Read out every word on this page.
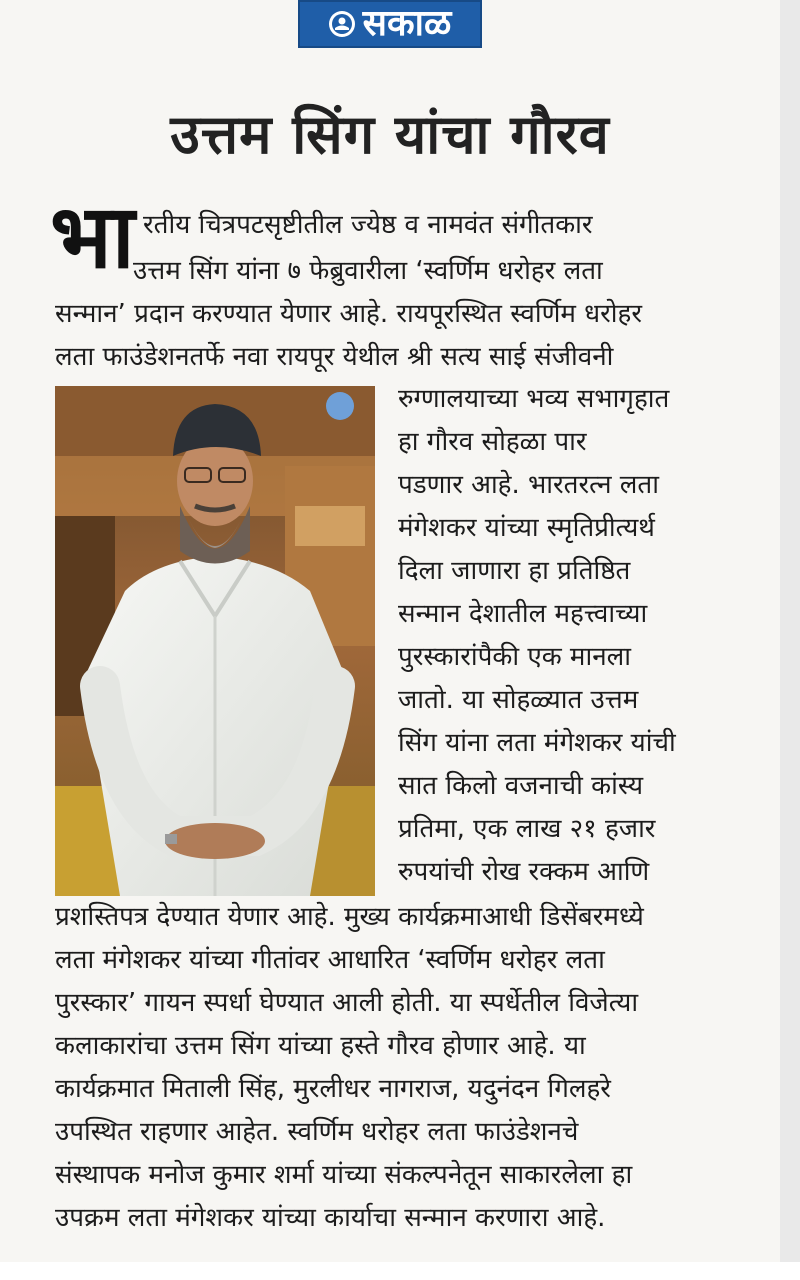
सकाळ
उत्तम सिंग यांचा गौरव
भा रतीय चित्रपटसृष्टीतील ज्येष्ठ व नामवंत संगीतकार
उत्तम सिंग यांना ७ फेब्रुवारीला ‘स्वर्णिम धरोहर लता
सन्मान’ प्रदान करण्यात येणार आहे. रायपूरस्थित स्वर्णिम धरोहर
लता फाउंडेशनतर्फे नवा रायपूर येथील श्री सत्य साई संजीवनी
रुग्णालयाच्या भव्य सभागृहात
हा गौरव सोहळा पार
पडणार आहे. भारतरत्न लता
मंगेशकर यांच्या स्मृतिप्रीत्यर्थ
दिला जाणारा हा प्रतिष्ठित
सन्मान देशातील महत्त्वाच्या
पुरस्कारांपैकी एक मानला
जातो. या सोहळ्यात उत्तम
सिंग यांना लता मंगेशकर यांची
सात किलो वजनाची कांस्य
प्रतिमा, एक लाख २१ हजार
रुपयांची रोख रक्कम आणि
प्रशस्तिपत्र देण्यात येणार आहे. मुख्य कार्यक्रमाआधी डिसेंबरमध्ये
लता मंगेशकर यांच्या गीतांवर आधारित ‘स्वर्णिम धरोहर लता
पुरस्कार’ गायन स्पर्धा घेण्यात आली होती. या स्पर्धेतील विजेत्या
कलाकारांचा उत्तम सिंग यांच्या हस्ते गौरव होणार आहे. या
कार्यक्रमात मिताली सिंह, मुरलीधर नागराज, यदुनंदन गिलहरे
उपस्थित राहणार आहेत. स्वर्णिम धरोहर लता फाउंडेशनचे
संस्थापक मनोज कुमार शर्मा यांच्या संकल्पनेतून साकारलेला हा
उपक्रम लता मंगेशकर यांच्या कार्याचा सन्मान करणारा आहे.
